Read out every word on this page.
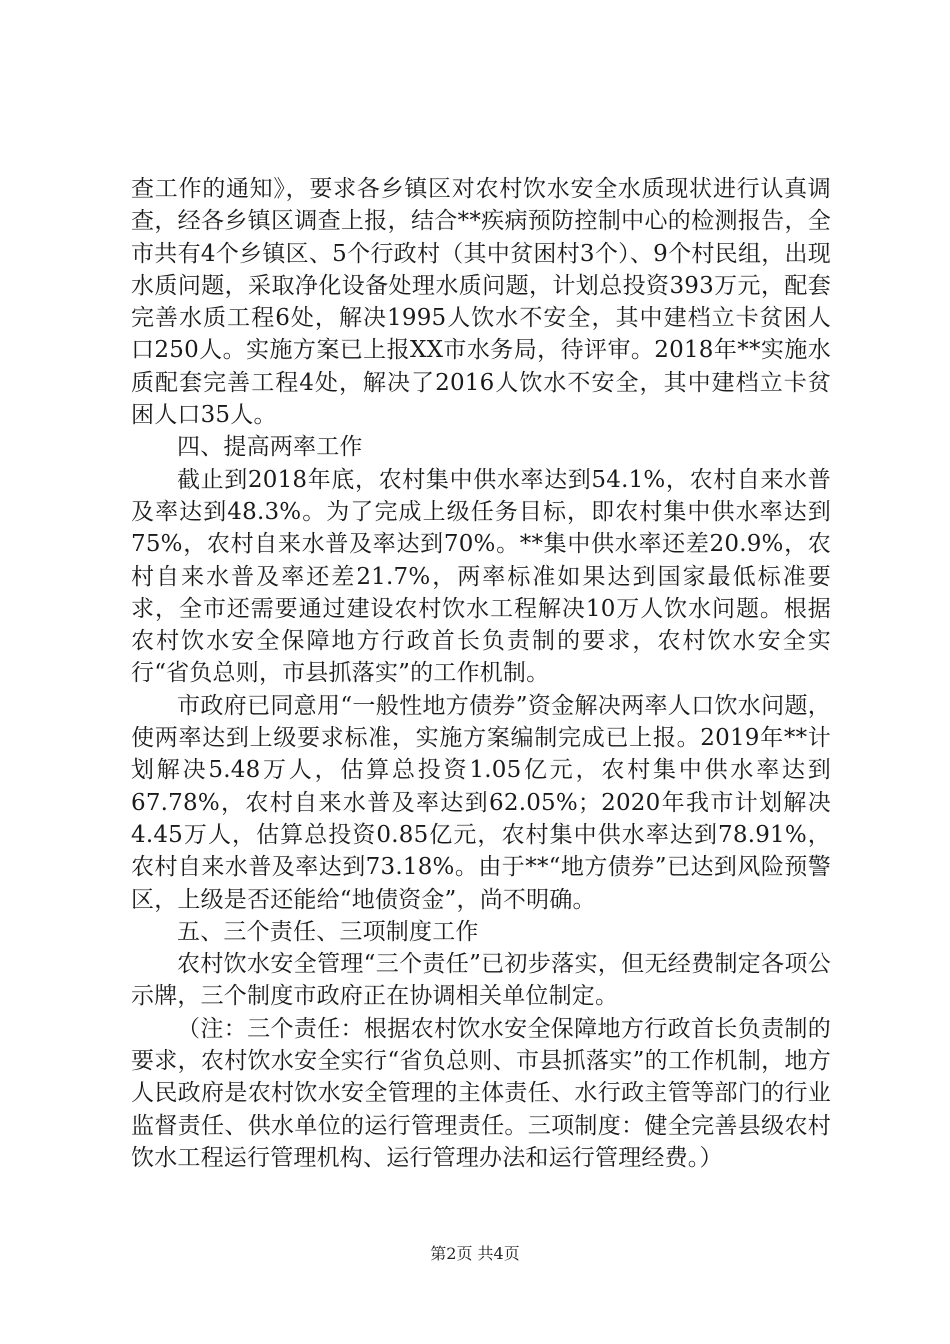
查工作的通知》，要求各乡镇区对农村饮水安全水质现状进行认真调查，经各乡镇区调查上报，结合**疾病预防控制中心的检测报告，全市共有4个乡镇区、5个行政村（其中贫困村3个）、9个村民组，出现水质问题，采取净化设备处理水质问题，计划总投资393万元，配套完善水质工程6处，解决1995人饮水不安全，其中建档立卡贫困人口250人。实施方案已上报XX市水务局，待评审。2018年**实施水质配套完善工程4处，解决了2016人饮水不安全，其中建档立卡贫困人口35人。

四、提高两率工作

截止到2018年底，农村集中供水率达到54.1%，农村自来水普及率达到48.3%。为了完成上级任务目标，即农村集中供水率达到75%，农村自来水普及率达到70%。**集中供水率还差20.9%，农村自来水普及率还差21.7%，两率标准如果达到国家最低标准要求，全市还需要通过建设农村饮水工程解决10万人饮水问题。根据农村饮水安全保障地方行政首长负责制的要求，农村饮水安全实行“省负总则，市县抓落实”的工作机制。

市政府已同意用“一般性地方债券”资金解决两率人口饮水问题，使两率达到上级要求标准，实施方案编制完成已上报。2019年**计划解决5.48万人，估算总投资1.05亿元，农村集中供水率达到67.78%，农村自来水普及率达到62.05%；2020年我市计划解决4.45万人，估算总投资0.85亿元，农村集中供水率达到78.91%，农村自来水普及率达到73.18%。由于**“地方债券”已达到风险预警区，上级是否还能给“地债资金”，尚不明确。

五、三个责任、三项制度工作

农村饮水安全管理“三个责任”已初步落实，但无经费制定各项公示牌，三个制度市政府正在协调相关单位制定。

（注：三个责任：根据农村饮水安全保障地方行政首长负责制的要求，农村饮水安全实行“省负总则、市县抓落实”的工作机制，地方人民政府是农村饮水安全管理的主体责任、水行政主管等部门的行业监督责任、供水单位的运行管理责任。三项制度：健全完善县级农村饮水工程运行管理机构、运行管理办法和运行管理经费。）

第2页 共4页
